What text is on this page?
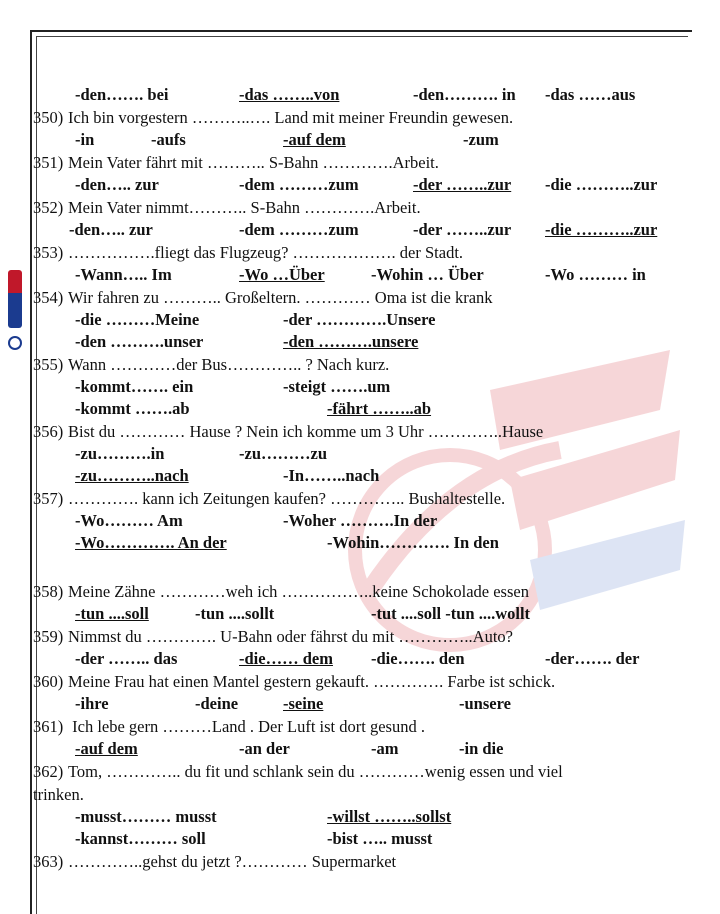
-den……. bei	-das ……..von	-den………. in -das ……aus
350) Ich bin vorgestern ………..…. Land mit meiner Freundin gewesen.
-in	-aufs	-auf dem	-zum
351) Mein Vater fährt mit ……….. S-Bahn ………….Arbeit.
-den….. zur	-dem ………zum	-der ……..zur -die ………..zur
352) Mein Vater nimmt……….. S-Bahn ………….Arbeit.
-den….. zur	-dem ………zum	-der ……..zur -die ………..zur
353) …………….fliegt das Flugzeug? ………………. der Stadt.
-Wann….. Im	-Wo …Über	-Wohin … Über	-Wo ……… in
354) Wir fahren zu ……….. Großeltern. ………… Oma ist die krank
-die ………Meine	-der ………….Unsere
-den ……….unser	-den ……….unsere
355) Wann …………der Bus………….. ? Nach kurz.
-kommt……. ein	-steigt …….um
-kommt …….ab	-fährt ……..ab
356) Bist du ………… Hause ? Nein ich komme um 3 Uhr …………..Hause
-zu……….in	-zu………zu
-zu………..nach	-In……..nach
357) …………. kann ich Zeitungen kaufen? ………….. Bushaltestelle.
-Wo……… Am	-Woher ……….In der
-Wo…………. An der	-Wohin…………. In den
358) Meine Zähne …………weh ich ……………..keine Schokolade essen
-tun ....soll	-tun ....sollt	-tut ....soll -tun ....wollt
359) Nimmst du …………. U-Bahn oder fährst du mit …………..Auto?
-der …….. das	-die…… dem -die……. den	-der……. der
360) Meine Frau hat einen Mantel gestern gekauft. …………. Farbe ist schick.
-ihre	-deine	-seine	-unsere
361) Ich lebe gern ………Land . Der Luft ist dort gesund .
-auf dem	-an der	-am	-in die
362) Tom, ………….. du fit und schlank sein du …………wenig essen und viel
trinken.
-musst……… musst	-willst ……..sollst
-kannst……… soll	-bist ….. musst
363) …………..gehst du jetzt ?………… Supermarket
